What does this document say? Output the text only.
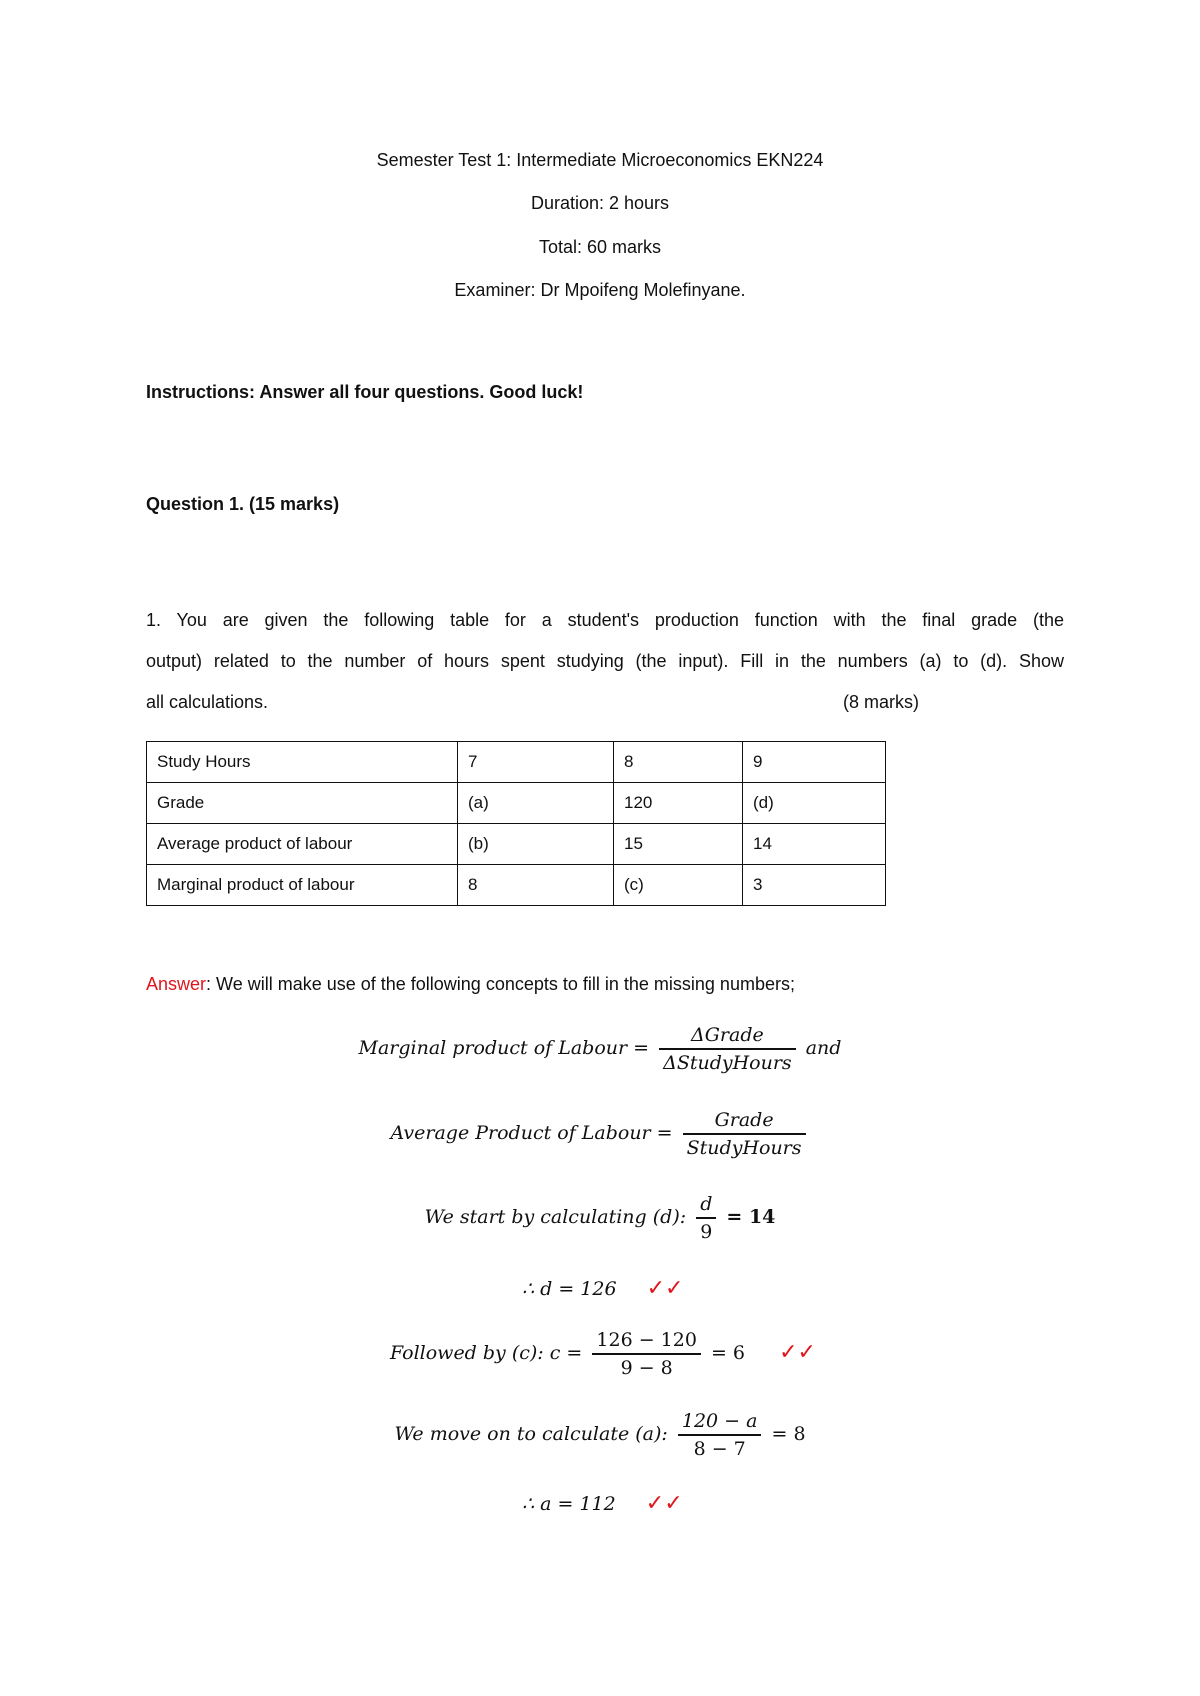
Semester Test 1: Intermediate Microeconomics EKN224
Duration: 2 hours
Total: 60 marks
Examiner: Dr Mpoifeng Molefinyane.
Instructions: Answer all four questions. Good luck!
Question 1. (15 marks)
1. You are given the following table for a student's production function with the final grade (the
output) related to the number of hours spent studying (the input). Fill in the numbers (a) to (d). Show
all calculations.	(8 marks)
Study Hours	7	8	9
Grade	(a)	120	(d)
Average product of labour	(b)	15	14
Marginal product of labour	8	(c)	3
Answer: We will make use of the following concepts to fill in the missing numbers;
Marginal product of Labour = $\frac{\text{ΔGrade}}{\text{ΔStudyHours}}$ and
Average Product of Labour = $\frac{\text{Grade}}{\text{StudyHours}}$
We start by calculating (d): $\frac{d}{9} = 14$
∴ d = 126 ✓✓
Followed by (c): $c = \frac{126 - 120}{9 - 8} = 6$ ✓✓
We move on to calculate (a): $\frac{120 - a}{8 - 7} = 8$
∴ a = 112 ✓✓
